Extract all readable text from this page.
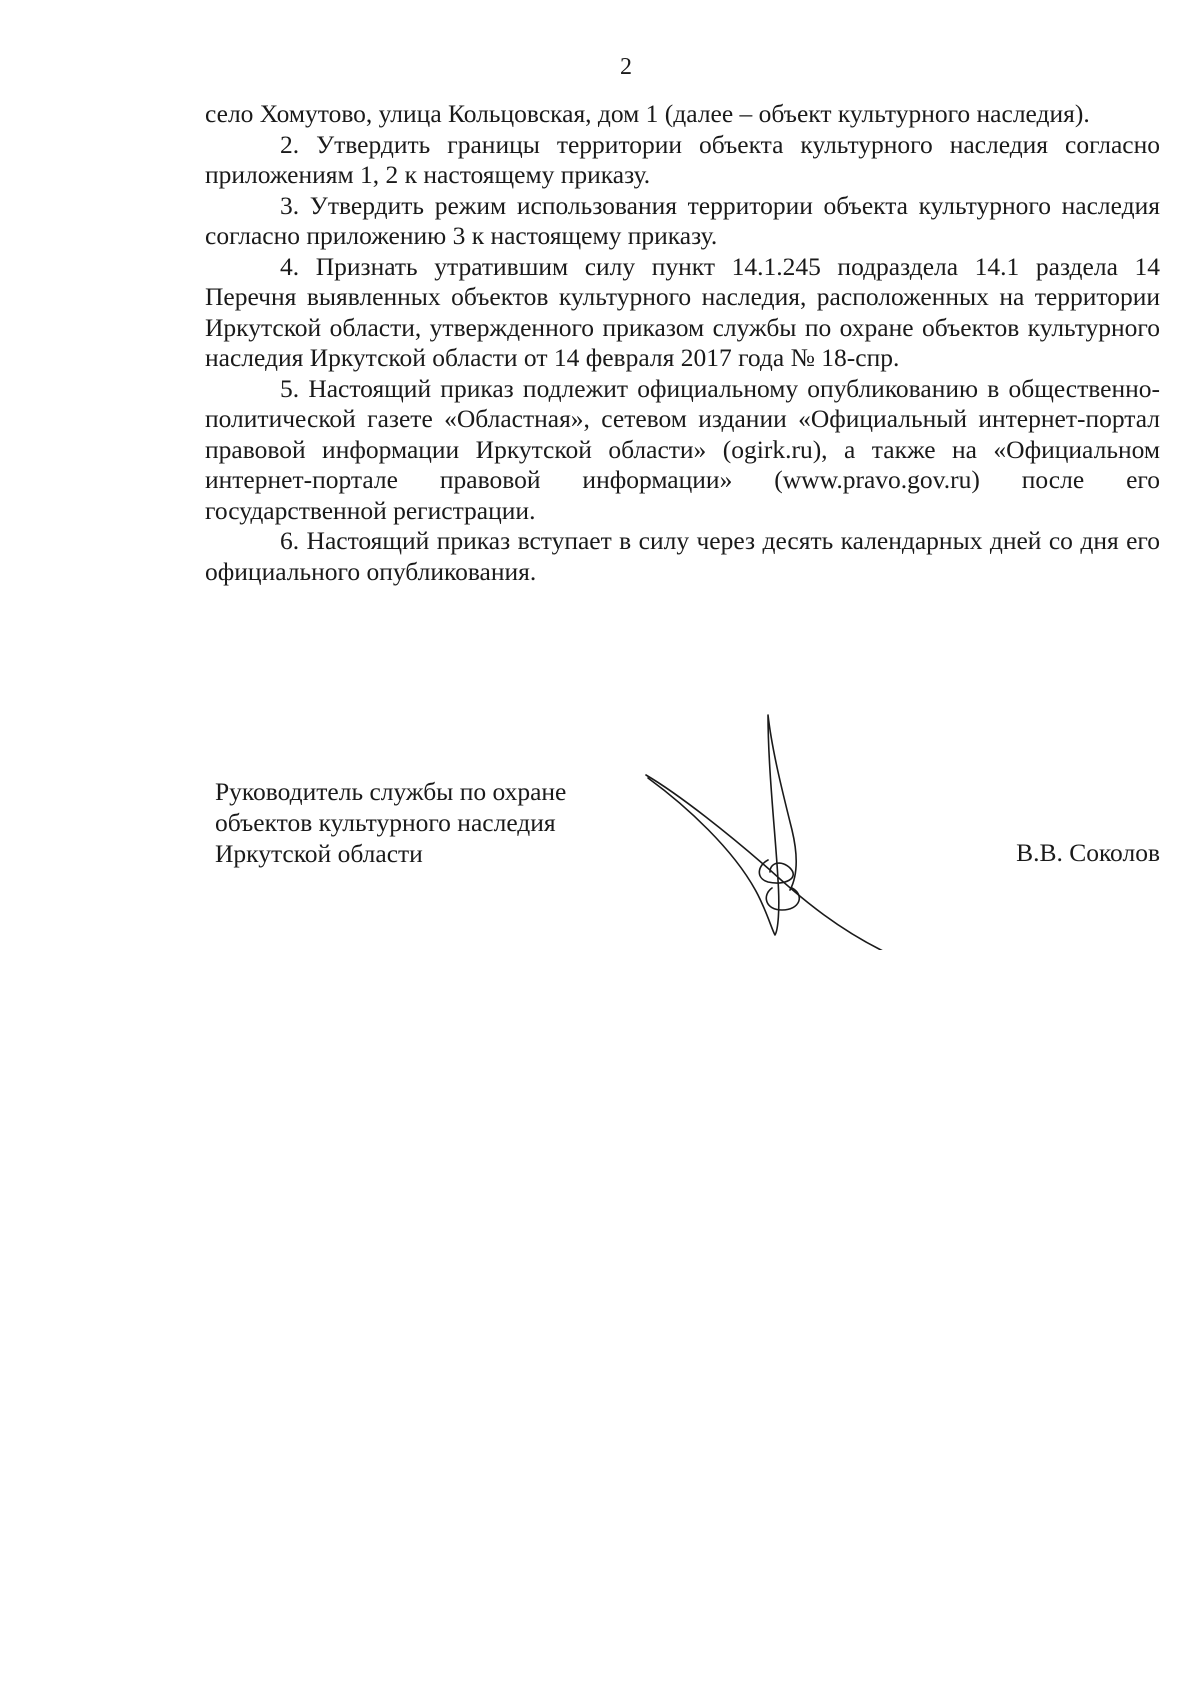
2

село Хомутово, улица Кольцовская, дом 1 (далее – объект культурного наследия).

2. Утвердить границы территории объекта культурного наследия согласно приложениям 1, 2 к настоящему приказу.

3. Утвердить режим использования территории объекта культурного наследия согласно приложению 3 к настоящему приказу.

4. Признать утратившим силу пункт 14.1.245 подраздела 14.1 раздела 14 Перечня выявленных объектов культурного наследия, расположенных на территории Иркутской области, утвержденного приказом службы по охране объектов культурного наследия Иркутской области от 14 февраля 2017 года № 18-спр.

5. Настоящий приказ подлежит официальному опубликованию в общественно-политической газете «Областная», сетевом издании «Официальный интернет-портал правовой информации Иркутской области» (ogirk.ru), а также на «Официальном интернет-портале правовой информации» (www.pravo.gov.ru) после его государственной регистрации.

6. Настоящий приказ вступает в силу через десять календарных дней со дня его официального опубликования.

Руководитель службы по охране
объектов культурного наследия
Иркутской области	В.В. Соколов
